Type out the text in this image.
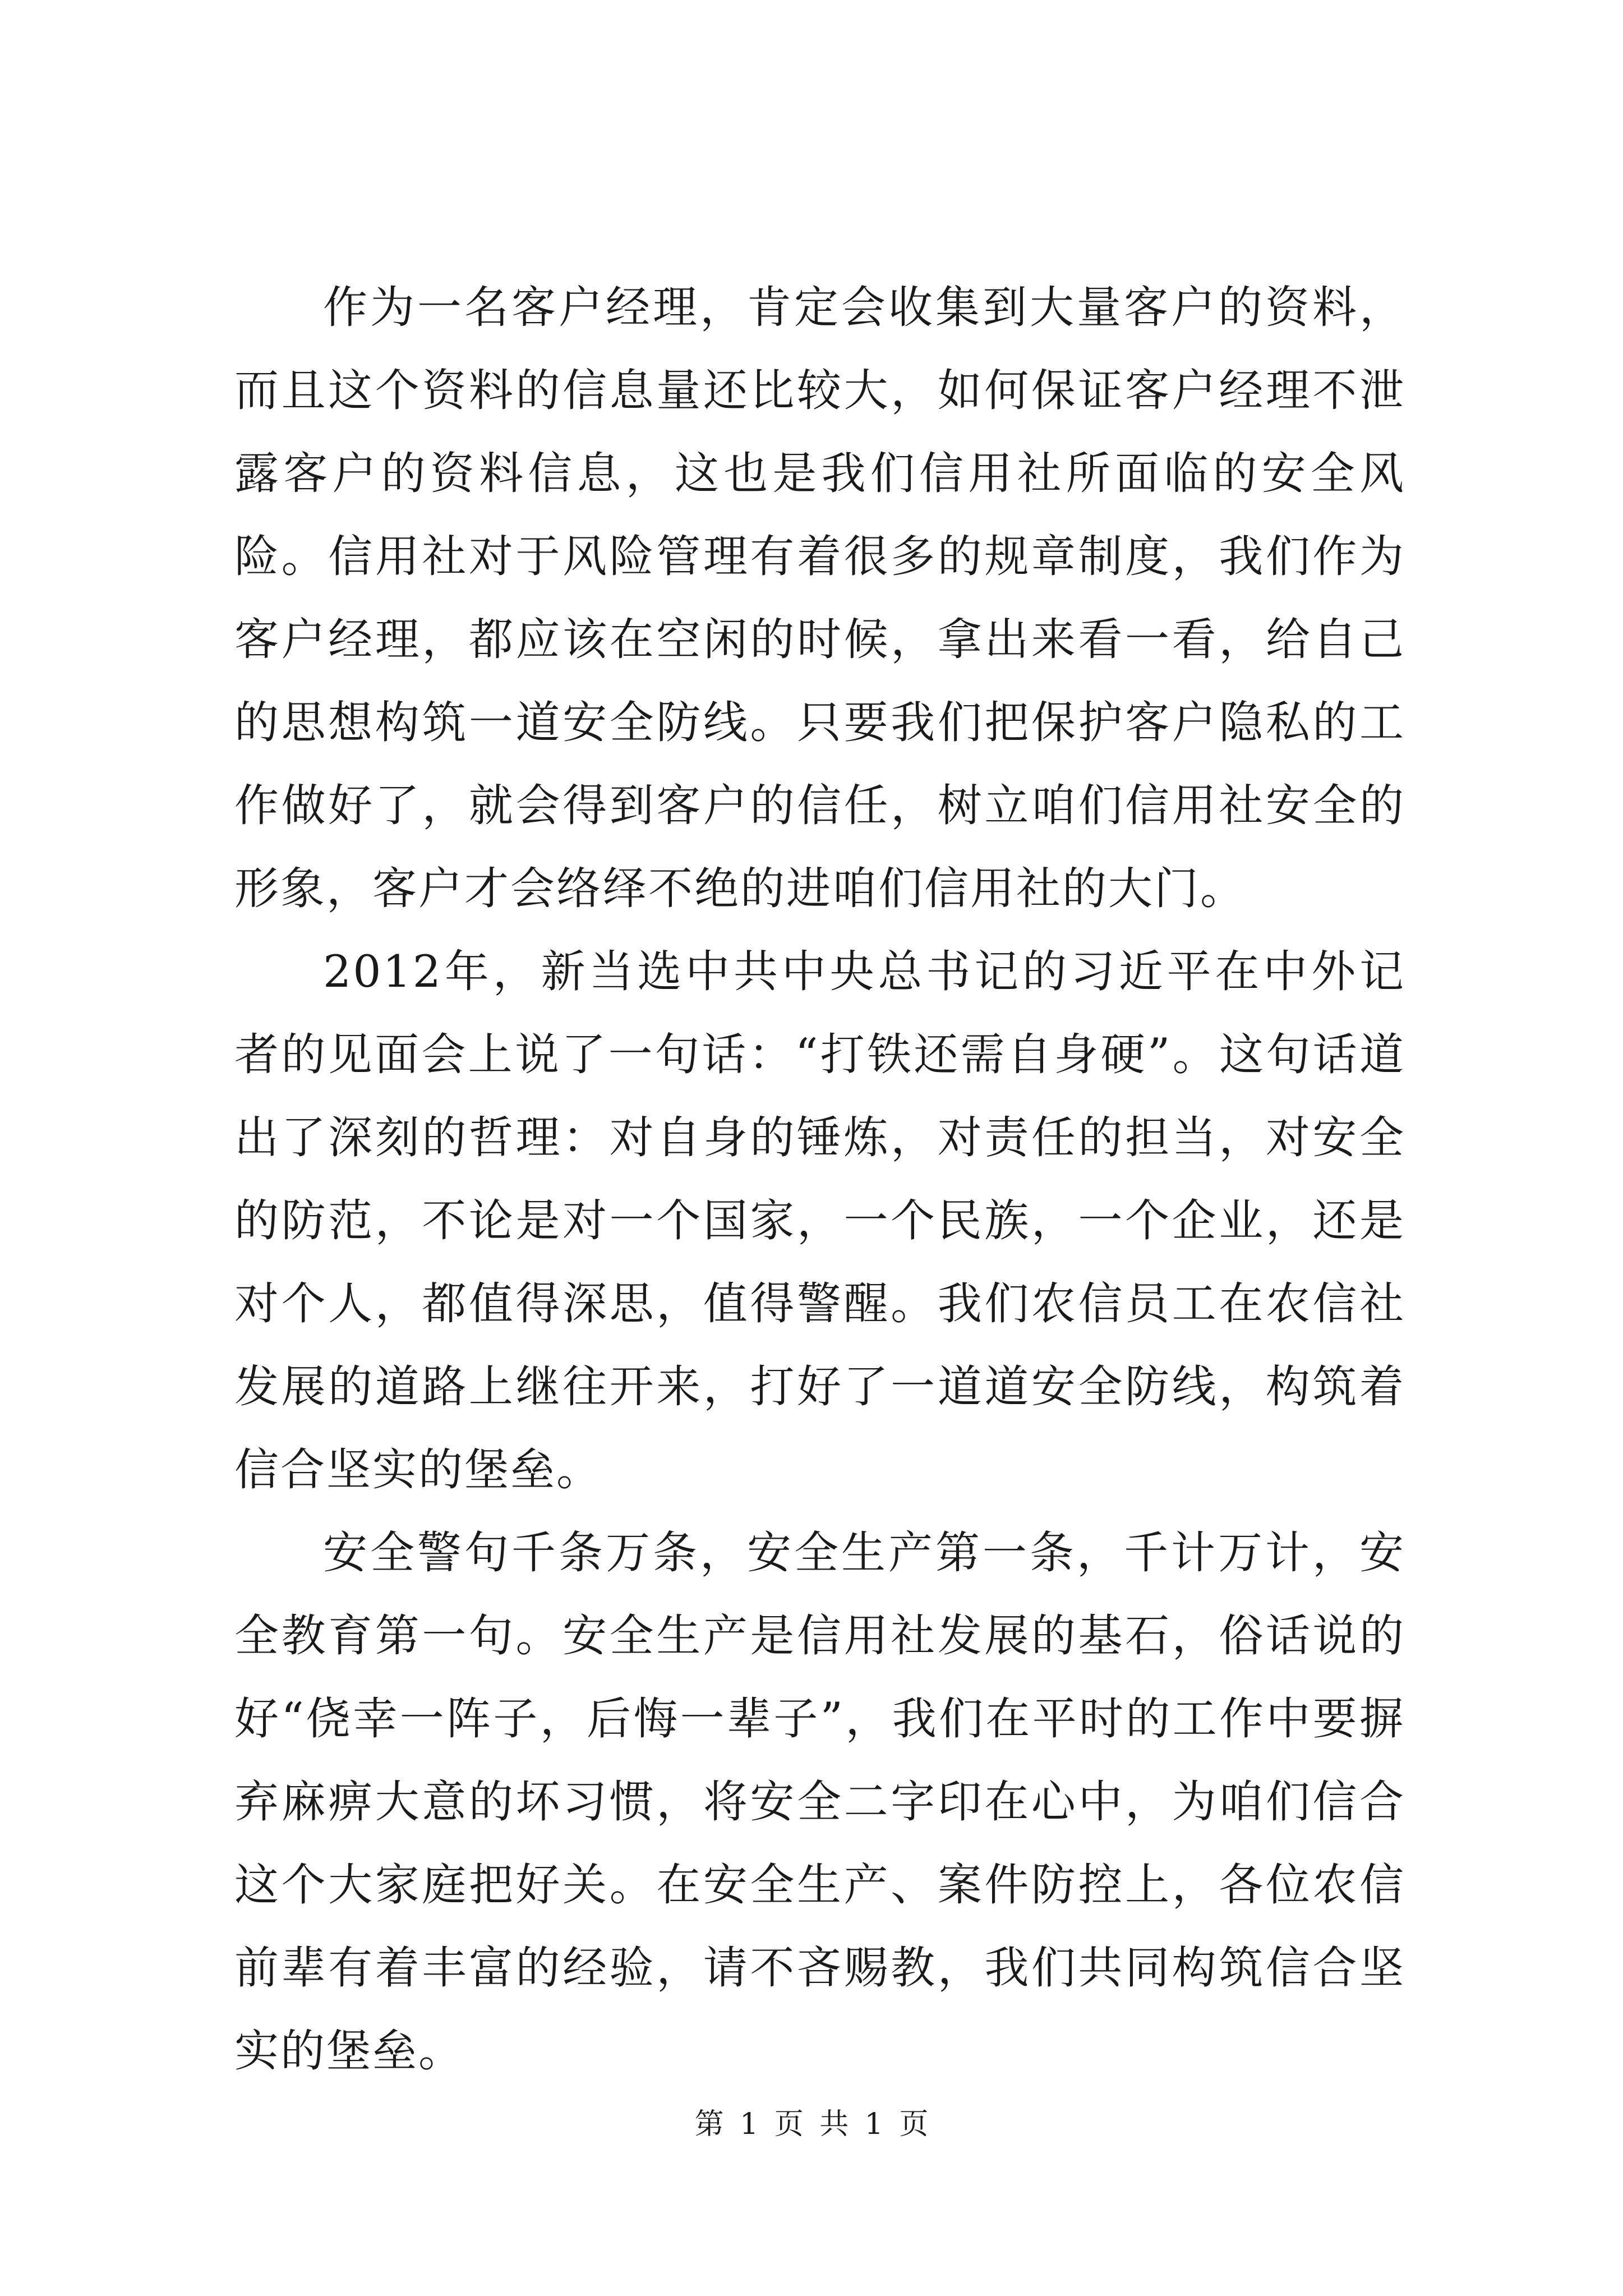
作为一名客户经理，肯定会收集到大量客户的资料，而且这个资料的信息量还比较大，如何保证客户经理不泄露客户的资料信息，这也是我们信用社所面临的安全风险。信用社对于风险管理有着很多的规章制度，我们作为客户经理，都应该在空闲的时候，拿出来看一看，给自己的思想构筑一道安全防线。只要我们把保护客户隐私的工作做好了，就会得到客户的信任，树立咱们信用社安全的形象，客户才会络绎不绝的进咱们信用社的大门。

2012年，新当选中共中央总书记的习近平在中外记者的见面会上说了一句话：“打铁还需自身硬”。这句话道出了深刻的哲理：对自身的锤炼，对责任的担当，对安全的防范，不论是对一个国家，一个民族，一个企业，还是对个人，都值得深思，值得警醒。我们农信员工在农信社发展的道路上继往开来，打好了一道道安全防线，构筑着信合坚实的堡垒。

安全警句千条万条，安全生产第一条，千计万计，安全教育第一句。安全生产是信用社发展的基石，俗话说的好“侥幸一阵子，后悔一辈子”，我们在平时的工作中要摒弃麻痹大意的坏习惯，将安全二字印在心中，为咱们信合这个大家庭把好关。在安全生产、案件防控上，各位农信前辈有着丰富的经验，请不吝赐教，我们共同构筑信合坚实的堡垒。

第 1 页 共 1 页
